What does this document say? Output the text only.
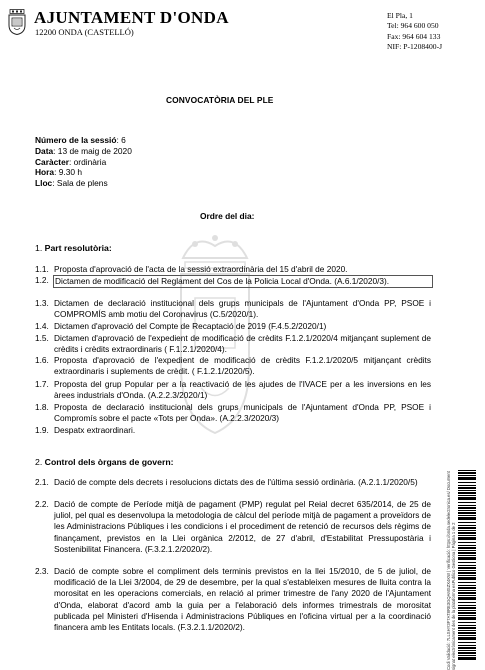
AJUNTAMENT D'ONDA
12200 ONDA (CASTELLÓ)
El Pla, 1
Tel: 964 600 050
Fax: 964 604 133
NIF: P-1208400-J
CONVOCATÒRIA DEL PLE
Número de la sessió: 6
Data: 13 de maig de 2020
Caràcter: ordinària
Hora: 9.30 h
Lloc: Sala de plens
Ordre del dia:
1. Part resolutòria:
1.1. Proposta d'aprovació de l'acta de la sessió extraordinària del 15 d'abril de 2020.
1.2. Dictamen de modificació del Reglament del Cos de la Policia Local d'Onda. (A.6.1/2020/3).
1.3. Dictamen de declaració institucional dels grups municipals de l'Ajuntament d'Onda PP, PSOE i COMPROMÍS amb motiu del Coronavirus (C.5/2020/1).
1.4. Dictamen d'aprovació del Compte de Recaptació de 2019 (F.4.5.2/2020/1)
1.5. Dictamen d'aprovació de l'expedient de modificació de crèdits F.1.2.1/2020/4 mitjançant suplement de crèdits i crèdits extraordinaris ( F.1.2.1/2020/4).
1.6. Proposta d'aprovació de l'expedient de modificació de crèdits F.1.2.1/2020/5 mitjançant crèdits extraordinaris i suplements de crèdit. ( F.1.2.1/2020/5).
1.7. Proposta del grup Popular per a la reactivació de les ajudes de l'IVACE per a les inversions en les àrees industrials d'Onda. (A.2.2.3/2020/1)
1.8. Proposta de declaració institucional dels grups municipals de l'Ajuntament d'Onda PP, PSOE i Compromís sobre el pacte «Tots per Onda». (A.2.2.3/2020/3)
1.9. Despatx extraordinari.
2. Control dels òrgans de govern:
2.1. Dació de compte dels decrets i resolucions dictats des de l'última sessió ordinària. (A.2.1.1/2020/5)
2.2. Dació de compte de Període mitjà de pagament (PMP) regulat pel Reial decret 635/2014, de 25 de juliol, pel qual es desenvolupa la metodologia de càlcul del període mitjà de pagament a proveïdors de les Administracions Públiques i les condicions i el procediment de retenció de recursos dels règims de finançament, previstos en la Llei orgànica 2/2012, de 27 d'abril, d'Estabilitat Pressupostària i Sostenibilitat Financera. (F.3.2.1.2/2020/2).
2.3. Dació de compte sobre el compliment dels terminis previstos en la llei 15/2010, de 5 de juliol, de modificació de la Llei 3/2004, de 29 de desembre, per la qual s'estableixen mesures de lluita contra la morositat en les operacions comercials, en relació al primer trimestre de l'any 2020 de l'Ajuntament d'Onda, elaborat d'acord amb la guia per a l'elaboració dels informes trimestrals de morositat publicada pel Ministeri d'Hisenda i Administracions Públiques en l'oficina virtual per a la coordinació financera amb les Entitats locals. (F.3.2.1.1/2020/2).	Codi Validació: 7LLSHY3F7AT8RE3GQAMSZX4KW | Verificació: https://onda.sedelectronica.es/ Document signat electrònicament des de la plataforma esPublico Gestiona | Pàgina 1 de 2
